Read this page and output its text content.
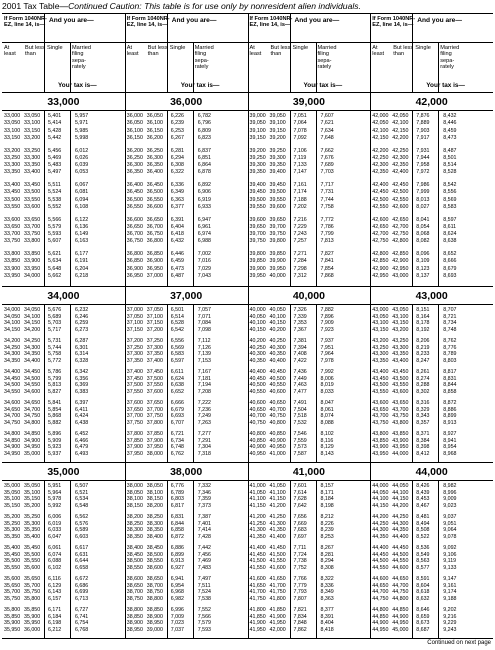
2001 Tax Table—Continued Caution: This table is for use only by nonresident alien individuals.
If Form 1040NR-EZ, line 14, is—
And you are—
At least
But less than
Single Married filing sepa- rately
Your tax is—
If Form 1040NR-EZ, line 14, is—
And you are—
At least
But less than
Single Married filing sepa- rately
Your tax is—
If Form 1040NR-EZ, line 14, is—
And you are—
At least
But less than
Single Married filing sepa- rately
Your tax is—
If Form 1040NR-EZ, line 14, is—
And you are—
At least
But less than
Single Married filing sepa- rately
Your tax is—
33,000
33,000
33,050
33,100
33,150
33,050
33,100
33,150
33,200
5,401
5,414
5,428
5,442
5,957
5,971
5,985
5,998
33,200
33,250
33,300
33,350
33,250
33,300
33,350
33,400
5,456
5,469
5,483
5,497
6,012
6,026
6,039
6,053
33,400
33,450
33,500
33,550
33,450
33,500
33,550
33,600
5,511
5,524
5,538
5,552
6,067
6,081
6,094
6,108
33,600
33,650
33,700
33,750
33,650
33,700
33,750
33,800
5,566
5,579
5,593
5,607
6,122
6,136
6,149
6,163
33,800
33,850
33,900
33,950
33,850
33,900
33,950
34,000
5,621
5,634
5,648
5,662
6,177
6,191
6,204
6,218
36,000
36,000
36,050
36,100
36,150
36,050
36,100
36,150
36,200
6,226
6,239
6,253
6,267
6,782
6,796
6,809
6,823
36,200
36,250
36,300
36,350
36,250
36,300
36,350
36,400
6,281
6,294
6,308
6,322
6,837
6,851
6,864
6,878
36,400
36,450
36,500
36,550
36,450
36,500
36,550
36,600
6,336
6,349
6,363
6,377
6,892
6,906
6,919
6,933
36,600
36,650
36,700
36,750
36,650
36,700
36,750
36,800
6,391
6,404
6,418
6,432
6,947
6,961
6,974
6,988
36,800
36,850
36,900
36,950
36,850
36,900
36,950
37,000
6,446
6,459
6,473
6,487
7,002
7,016
7,029
7,043
39,000
39,000
39,050
39,100
39,150
39,050
39,100
39,150
39,200
7,051
7,064
7,078
7,092
7,607
7,621
7,634
7,648
39,200
39,250
39,300
39,350
39,250
39,300
39,350
39,400
7,106
7,119
7,133
7,147
7,662
7,676
7,689
7,703
39,400
39,450
39,500
39,550
39,450
39,500
39,550
39,600
7,161
7,174
7,188
7,202
7,717
7,731
7,744
7,758
39,600
39,650
39,700
39,750
39,650
39,700
39,750
39,800
7,216
7,229
7,243
7,257
7,772
7,786
7,799
7,813
39,800
39,850
39,900
39,950
39,850
39,900
39,950
40,000
7,271
7,284
7,298
7,312
7,827
7,841
7,854
7,868
42,000
42,000
42,050
42,100
42,150
42,050
42,100
42,150
42,200
7,876
7,889
7,903
7,917
8,432
8,446
8,459
8,473
42,200
42,250
42,300
42,350
42,250
42,300
42,350
42,400
7,931
7,944
7,958
7,972
8,487
8,501
8,514
8,528
42,400
42,450
42,500
42,550
42,450
42,500
42,550
42,600
7,986
7,999
8,013
8,027
8,542
8,556
8,569
8,583
42,600
42,650
42,700
42,750
42,650
42,700
42,750
42,800
8,041
8,054
8,068
8,082
8,597
8,611
8,624
8,638
42,800
42,850
42,900
42,950
42,850
42,900
42,950
43,000
8,096
8,109
8,123
8,137
8,652
8,666
8,679
8,693
34,000
34,000
34,050
34,100
34,150
34,050
34,100
34,150
34,200
5,676
5,689
5,703
5,717
6,232
6,246
6,259
6,273
34,200
34,250
34,300
34,350
34,250
34,300
34,350
34,400
5,731
5,744
5,758
5,772
6,287
6,301
6,314
6,328
34,400
34,450
34,500
34,550
34,450
34,500
34,550
34,600
5,786
5,799
5,813
5,827
6,342
6,356
6,369
6,383
34,600
34,650
34,700
34,750
34,650
34,700
34,750
34,800
5,841
5,854
5,868
5,882
6,397
6,411
6,424
6,438
34,800
34,850
34,900
34,950
34,850
34,900
34,950
35,000
5,896
5,909
5,923
5,937
6,452
6,466
6,479
6,493
37,000
37,000
37,050
37,100
37,150
37,050
37,100
37,150
37,200
6,501
6,514
6,528
6,542
7,057
7,071
7,084
7,098
37,200
37,250
37,300
37,350
37,250
37,300
37,350
37,400
6,556
6,569
6,583
6,597
7,112
7,126
7,139
7,153
37,400
37,450
37,500
37,550
37,450
37,500
37,550
37,600
6,611
6,624
6,638
6,652
7,167
7,181
7,194
7,208
37,600
37,650
37,700
37,750
37,650
37,700
37,750
37,800
6,666
6,679
6,693
6,707
7,222
7,236
7,249
7,263
37,800
37,850
37,900
37,950
37,850
37,900
37,950
38,000
6,721
6,734
6,748
6,762
7,277
7,291
7,304
7,318
40,000
40,000
40,050
40,100
40,150
40,050
40,100
40,150
40,200
7,326
7,339
7,353
7,367
7,882
7,896
7,909
7,923
40,200
40,250
40,300
40,350
40,250
40,300
40,350
40,400
7,381
7,394
7,408
7,422
7,937
7,951
7,964
7,978
40,400
40,450
40,500
40,550
40,450
40,500
40,550
40,600
7,436
7,449
7,463
7,477
7,992
8,006
8,019
8,033
40,600
40,650
40,700
40,750
40,650
40,700
40,750
40,800
7,491
7,504
7,518
7,532
8,047
8,061
8,074
8,088
40,800
40,850
40,900
40,950
40,850
40,900
40,950
41,000
7,546
7,559
7,573
7,587
8,102
8,116
8,129
8,143
43,000
43,000
43,050
43,100
43,150
43,050
43,100
43,150
43,200
8,151
8,164
8,178
8,192
8,707
8,721
8,734
8,748
43,200
43,250
43,300
43,350
43,250
43,300
43,350
43,400
8,206
8,219
8,233
8,247
8,762
8,776
8,789
8,803
43,400
43,450
43,500
43,550
43,450
43,500
43,550
43,600
8,261
8,274
8,288
8,302
8,817
8,831
8,844
8,858
43,600
43,650
43,700
43,750
43,650
43,700
43,750
43,800
8,316
8,329
8,343
8,357
8,872
8,886
8,899
8,913
43,800
43,850
43,900
43,950
43,850
43,900
43,950
44,000
8,371
8,384
8,398
8,412
8,927
8,941
8,954
8,968
35,000
35,000
35,050
35,100
35,150
35,050
35,100
35,150
35,200
5,951
5,964
5,978
5,992
6,507
6,521
6,534
6,548
35,200
35,250
35,300
35,350
35,250
35,300
35,350
35,400
6,006
6,019
6,033
6,047
6,562
6,576
6,589
6,603
35,400
35,450
35,500
35,550
35,450
35,500
35,550
35,600
6,061
6,074
6,088
6,102
6,617
6,631
6,644
6,658
35,600
35,650
35,700
35,750
35,650
35,700
35,750
35,800
6,116
6,129
6,143
6,157
6,672
6,686
6,699
6,713
35,800
35,850
35,900
35,950
35,850
35,900
35,950
36,000
6,171
6,184
6,198
6,212
6,727
6,741
6,754
6,768
38,000
38,000
38,050
38,100
38,150
38,050
38,100
38,150
38,200
6,776
6,789
6,803
6,817
7,332
7,346
7,359
7,373
38,200
38,250
38,300
38,350
38,250
38,300
38,350
38,400
6,831
6,844
6,858
6,872
7,387
7,401
7,414
7,428
38,400
38,450
38,500
38,550
38,450
38,500
38,550
38,600
6,886
6,899
6,913
6,927
7,442
7,456
7,469
7,483
38,600
38,650
38,700
38,750
38,650
38,700
38,750
38,800
6,941
6,954
6,968
6,982
7,497
7,511
7,524
7,538
38,800
38,850
38,900
38,950
38,850
38,900
38,950
39,000
6,996
7,009
7,023
7,037
7,552
7,566
7,579
7,593
41,000
41,000
41,050
41,100
41,150
41,050
41,100
41,150
41,200
7,601
7,614
7,628
7,642
8,157
8,171
8,184
8,198
41,200
41,250
41,300
41,350
41,250
41,300
41,350
41,400
7,656
7,669
7,683
7,697
8,212
8,226
8,239
8,253
41,400
41,450
41,500
41,550
41,450
41,500
41,550
41,600
7,711
7,724
7,738
7,752
8,267
8,281
8,294
8,308
41,600
41,650
41,700
41,750
41,650
41,700
41,750
41,800
7,766
7,779
7,793
7,807
8,322
8,336
8,349
8,363
41,800
41,850
41,900
41,950
41,850
41,900
41,950
42,000
7,821
7,834
7,848
7,862
8,377
8,391
8,404
8,418
44,000
44,000
44,050
44,100
44,150
44,050
44,100
44,150
44,200
8,426
8,439
8,453
8,467
8,982
8,996
9,009
9,023
44,200
44,250
44,300
44,350
44,250
44,300
44,350
44,400
8,481
8,494
8,508
8,522
9,037
9,051
9,064
9,078
44,400
44,450
44,500
44,550
44,450
44,500
44,550
44,600
8,536
8,549
8,563
8,577
9,092
9,106
9,119
9,133
44,600
44,650
44,700
44,750
44,650
44,700
44,750
44,800
8,591
8,604
8,618
8,632
9,147
9,161
9,174
9,188
44,800
44,850
44,900
44,950
44,850
44,900
44,950
45,000
8,646
8,659
8,673
8,687
9,202
9,216
9,229
9,243
Continued on next page
